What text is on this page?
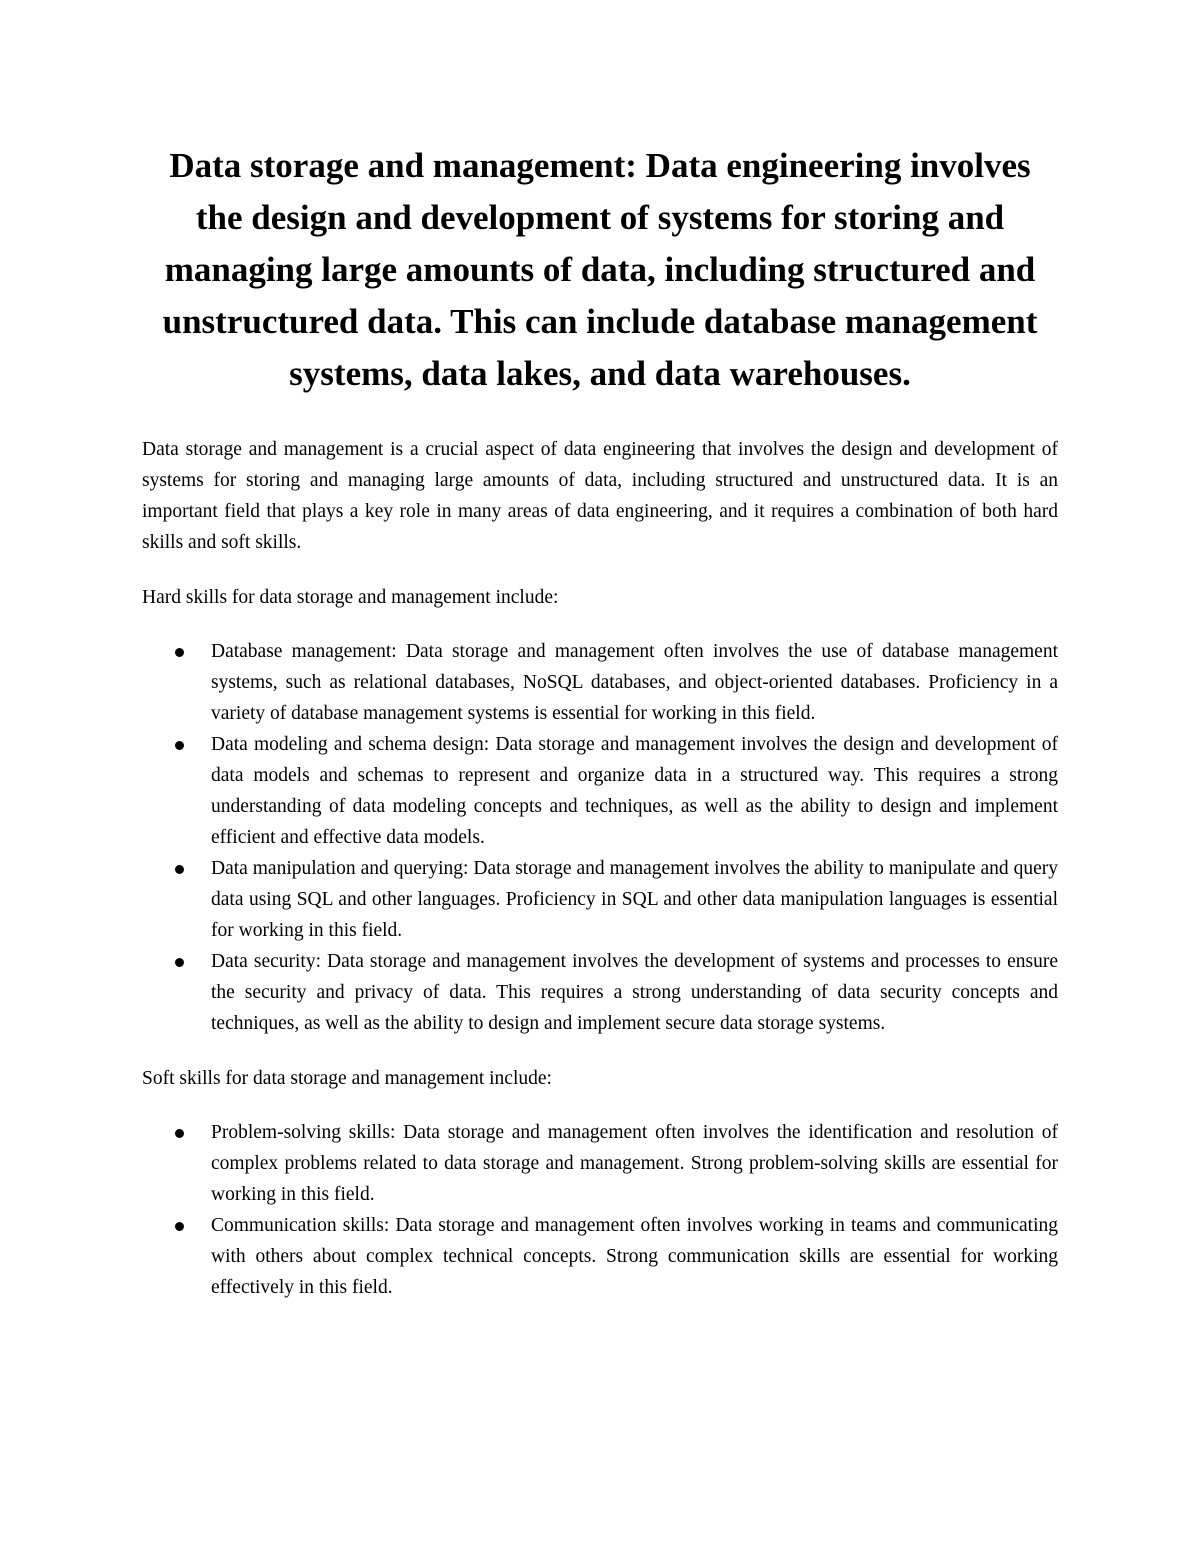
Data storage and management: Data engineering involves the design and development of systems for storing and managing large amounts of data, including structured and unstructured data. This can include database management systems, data lakes, and data warehouses.

Data storage and management is a crucial aspect of data engineering that involves the design and development of systems for storing and managing large amounts of data, including structured and unstructured data. It is an important field that plays a key role in many areas of data engineering, and it requires a combination of both hard skills and soft skills.

Hard skills for data storage and management include:

Database management: Data storage and management often involves the use of database management systems, such as relational databases, NoSQL databases, and object-oriented databases. Proficiency in a variety of database management systems is essential for working in this field.
Data modeling and schema design: Data storage and management involves the design and development of data models and schemas to represent and organize data in a structured way. This requires a strong understanding of data modeling concepts and techniques, as well as the ability to design and implement efficient and effective data models.
Data manipulation and querying: Data storage and management involves the ability to manipulate and query data using SQL and other languages. Proficiency in SQL and other data manipulation languages is essential for working in this field.
Data security: Data storage and management involves the development of systems and processes to ensure the security and privacy of data. This requires a strong understanding of data security concepts and techniques, as well as the ability to design and implement secure data storage systems.

Soft skills for data storage and management include:

Problem-solving skills: Data storage and management often involves the identification and resolution of complex problems related to data storage and management. Strong problem-solving skills are essential for working in this field.
Communication skills: Data storage and management often involves working in teams and communicating with others about complex technical concepts. Strong communication skills are essential for working effectively in this field.
